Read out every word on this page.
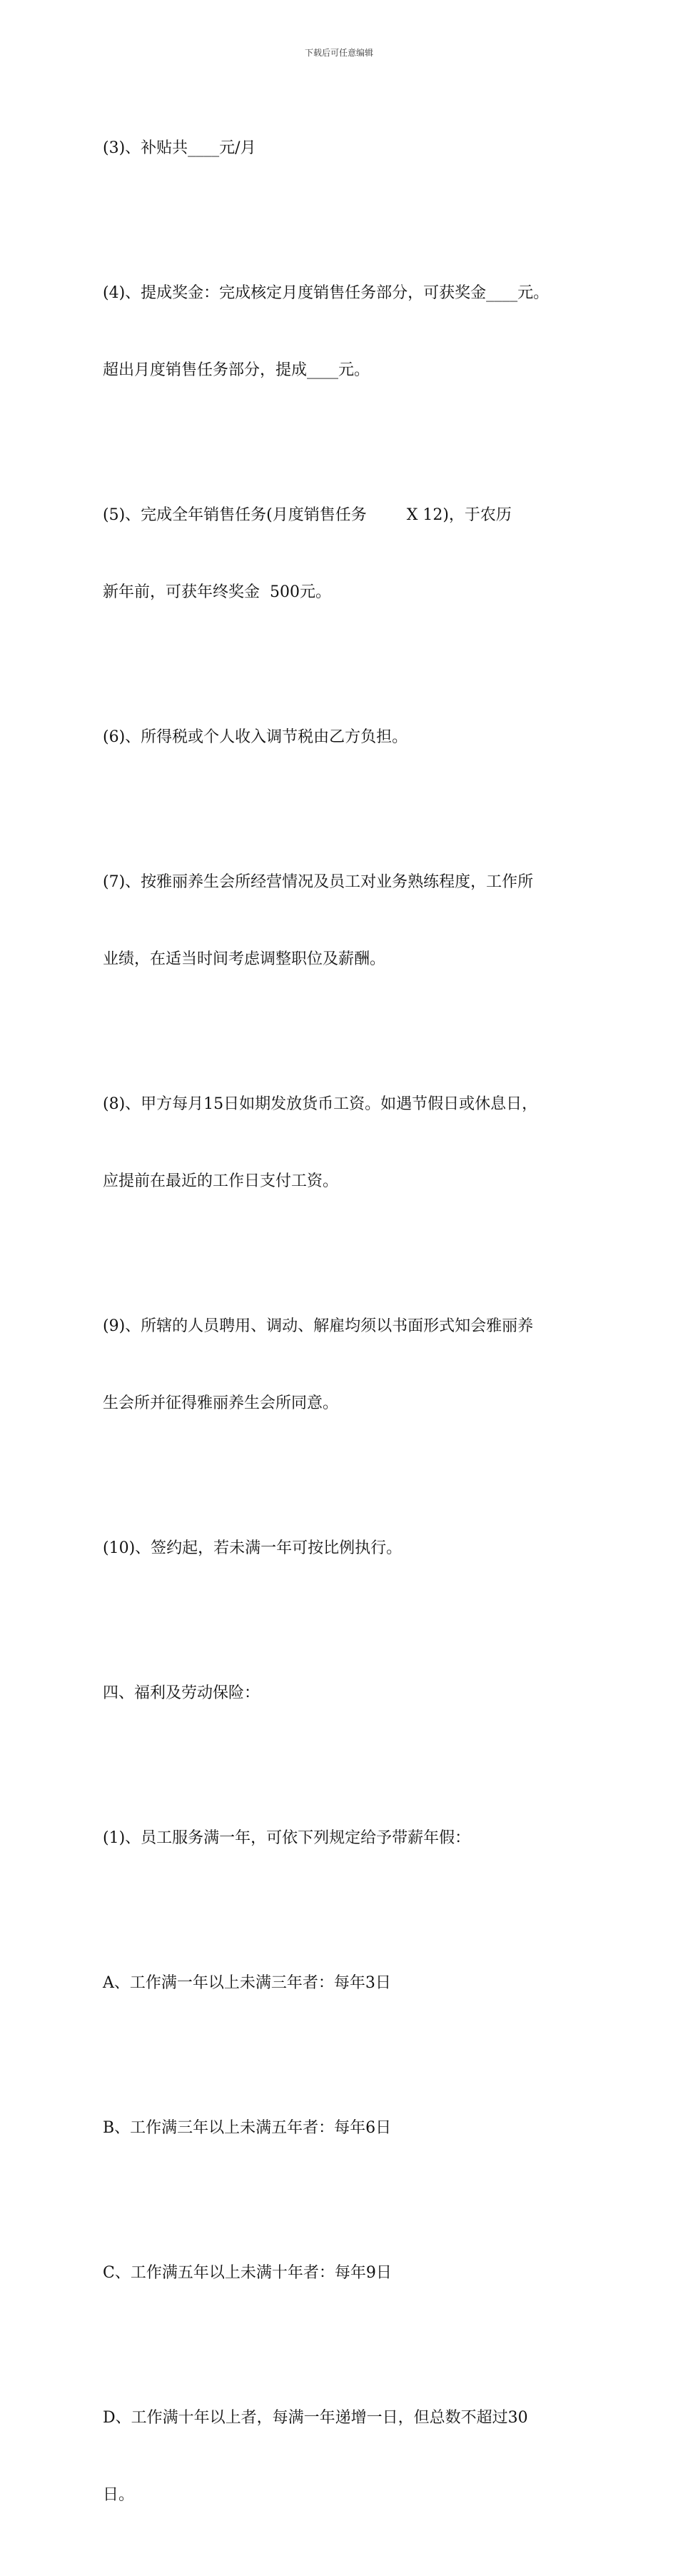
下载后可任意编辑

(3)、补贴共____元/月

(4)、提成奖金：完成核定月度销售任务部分，可获奖金____元。

超出月度销售任务部分，提成____元。

(5)、完成全年销售任务(月度销售任务        X 12)，于农历

新年前，可获年终奖金  500元。

(6)、所得税或个人收入调节税由乙方负担。

(7)、按雅丽养生会所经营情况及员工对业务熟练程度，工作所

业绩，在适当时间考虑调整职位及薪酬。

(8)、甲方每月15日如期发放货币工资。如遇节假日或休息日，

应提前在最近的工作日支付工资。

(9)、所辖的人员聘用、调动、解雇均须以书面形式知会雅丽养

生会所并征得雅丽养生会所同意。

(10)、签约起，若未满一年可按比例执行。

四、福利及劳动保险：

(1)、员工服务满一年，可依下列规定给予带薪年假：

A、工作满一年以上未满三年者：每年3日

B、工作满三年以上未满五年者：每年6日

C、工作满五年以上未满十年者：每年9日

D、工作满十年以上者，每满一年递增一日，但总数不超过30

日。
